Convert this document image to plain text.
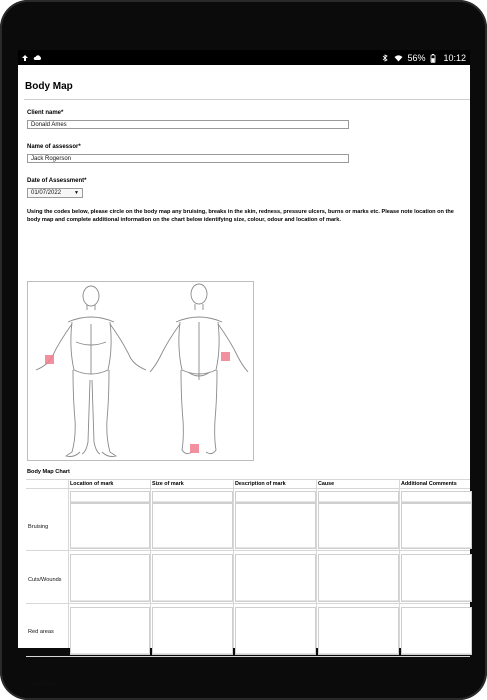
56% 10:12
Body Map
Client name*
Donald Ames
Name of assessor*
Jack Rogerson
Date of Assessment*
01/07/2022	▼
Using the codes below, please circle on the body map any bruising, breaks in the skin, redness, pressure ulcers, burns or marks etc. Please note location on the body map and complete additional information on the chart below identifying size, colour, odour and location of mark.
Body Map Chart
Location of mark	Size of mark	Description of mark	Cause	Additional Comments
Bruising
Cuts/Wounds
Red areas
Scalds/Burns
